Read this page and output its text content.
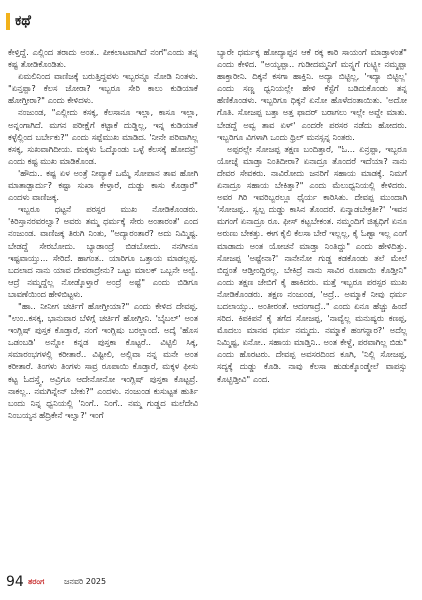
ಕಥೆ

ಕೇಳ್ತಿದ್ದೆ. ಎಲ್ಲಿಂದ ತರಾದು ಅಂತ.. ಪೀಕಲಾಟವಾಗಿದೆ ನಂಗೆ"ಎಂದು ತನ್ನ ಕಷ್ಟ ತೋಡಿಕೊಂಡಿತು.

ಏಮಲಿನಿಂದ ವಾಣಿಜಕ್ಕೆ ಬರುತ್ತಿದ್ದವಳು ಇಬ್ಬರನ್ನೂ ನೋಡಿ ನಿಂತಳು. "ಏನ್ತಪ್ಪಾ? ಕೆಲಸ ಜೋರಾ? ಇಬ್ಬರೂ ಸೇರಿ ಕಾಲು ಕುಡಿಯಾಕೆ ಹೋಗ್ತೀರಾ?" ಎಂದು ಕೇಳಿದಳು.

ನಂಜುಂಡ, "ಎಲ್ಲೀದು ಕಸಕ್ಕ, ಕೆಲಸಾನೂ ಇಲ್ಲಾ, ಕಾಸೂ ಇಲ್ಲಾ, ಅನ್ನಂಗಾಗಿದೆ. ಮಗನ ಪರೀಕ್ಷೆಗೆ ಕಟ್ಟಾಕೆ ದುಡ್ಡಿಲ್ಲ, ಇನ್ನ ಕುಡಿಯಾಕೆ ಕಳ್ಳೆಲ್ಲಿಂದ ಬರ್ಬೇಕು?" ಎಂದು ಸಪ್ಪೆಮುಖ ಮಾಡಿದ. 'ನೀನೇ ಪರಿವಾಗಿಲ್ಲ ಕಸಕ್ಕ, ಸುಖವಾಗಿದೀಯ. ಮಕ್ಕಳು ಓದ್ಕೊಂಡು ಒಳ್ಳೆ ಕೆಲಸಕ್ಕೆ ಹೋದವ್ರೆ' ಎಂದು ಕಷ್ಟ ಮುಖ ಮಾಡಿಕೊಂಡ.

'ಹೌದು.. ಕಷ್ಟ ಏಳ ಅಂತ್ರೆ ನೀವ್ಯಾಕೆ ಒಮ್ಮೆ ಸೋಪಾನ ತಾವ ಹೋಗಿ ಮಾತಾಡ್ಬಾರ್ದು? ಕಷ್ಟಾ ಸುಖಾ ಕೇಳ್ತಾರೆ, ದುಡ್ಡು ಕಾಸು ಕೊಡ್ತಾರೆ" ಎಂದಳು ವಾಣಿಜಕ್ಕ.

ಇಬ್ಬರೂ ಧಟ್ಟನೆ ಪರಸ್ಪರ ಮುಖ ನೋಡಿಕೊಂಡರು. 'ಕಿರಿಸ್ತಾನರವರಲ್ವಾ? ಅವರು ತಮ್ಮ ಧರ್ಮಕ್ಕೆ ಸೇರು ಅಂತಾರಂತೆ' ಎಂದ ನಂಜುಂಡ. ವಾಣಿಜಕ್ಕ ತಿರುಗಿ ನಿಂತು, "ಅದ್ಯಾರಂತಾರೆ? ಅದು ನಿಮ್ಮಿಷ್ಟ. ಬೇಡದ್ದೆ ಸೇರಬೋದು. ಬ್ಯಾಡಾಂದ್ರೆ ಬಿಡಬೋದು. ನನಗೀನೂ ಇಷ್ಟವಾಯ್ತು... ಸೇರಿದೆ. ಹಾಗಂತ.. ಯಾರಿಗೂ ಒತ್ತಾಯ ಮಾಡಲ್ಲಪ್ಪ. ಬದಲಾದ ನಾನು ಯಾವ ದೇವರಾದ್ರೇನು? ಒಟ್ಟು ಮಾಲಕ್ ಒಬ್ಬನೇ ಅಲ್ವೆ. ಆದ್ರೆ ನಮ್ಮದ್ದೆಲ್ಲ ನೋಡ್ಕೊಳ್ತಾರೆ ಅಂದ್ರೆ ಅಷ್ಟೆ" ಎಂದು ಬಿಡಿಗೂ ಬಾವಣೆಯಿಂದ ಹೇಳಿಬಿಟ್ಟಳು.

"ಹಾ.. ನೀನೀಗ ಚರ್ಚಿಗೆ ಹೋಗ್ತೀಯಾ?" ಎಂದು ಕೇಳಿದ ದೇವಪ್ಪ. "ಉಂ..ಕಸಕ್ಕ, ಭಾನುವಾರ ಬೆಳಿಗ್ಗೆ ಚರ್ಚಿಗೆ ಹೋಗ್ತೀನಿ. 'ಬೈಬಲ್' ಅಂತ ಇಂಗ್ಲಿಷ್ ಪುಸ್ತಕ ಕೊಡ್ತಾರೆ, ನಂಗೆ ಇಂಗ್ಲಿಷು ಬರಲ್ಲಾಂದೆ. ಅದ್ಕೆ 'ಹೊಸ ಒಡಂಬಡಿ' ಅನ್ನೋ ಕನ್ನಡ ಪುಸ್ತಕಾ ಕೊಟ್ಟರೆ.. ವಿಟ್ಟಿಲಿ ಸಿಕ್ಕ, ಸಮಾರಂಭಗಳಲ್ಲಿ ಕರೀತಾರೆ.. ವಿಷ್ಟೀಲಿ, ಅಲ್ಲಿವಾ ನನ್ನ ಮನೇ ಅಂತ ಕರೀತಾರೆ. ತಿಂಗಳು ತಿಂಗಳು ಸಾವ್ರ ರೂಪಾಯಿ ಕೊಡ್ತಾರೆ, ಮಕ್ಕಳ ಫೀಸು ಕಟ್ಟ ಓದಸ್ತ್ವೆ, ಅವ್ರಿಗೂ ಆದೇನೋನೋ ಇಂಗ್ಲಿಷ್ ಪುಸ್ತಕಾ ಕೊಟ್ಟವ್ರೆ. ನಾಕಲ್ಲ.. ನಮಗಿನ್ನೇನ್ ಬೇಕು?" ಎಂದಳು. ನಂಜುಂಡ ಕುಸುಟ್ಟತ ಹುರ್ತಿ ಬಂದು ನಿನ್ನ ಧ್ವನಿಯಲ್ಲಿ 'ನಿಂಗೆ.. ನಿಂಗೆ.. ನಮ್ಮ ಗುಡ್ಡದ ಮಲೆದೇವಿ ನಿಂಬಯ್ಯನ ಹೆದ್ರಿಕೇನೆ ಇಲ್ವಾ?' ಇಂಗೆ

ಬ್ಯಾರೇ ಧರ್ಮಕ್ಕ ಹೋದ್ಯಾಪ್ಪನ ಆಕೆ ರಕ್ಕ ಕಾರಿ ಸಾಯಂಗೆ ಮಾಡ್ತಾಳಂತೆ" ಎಂದು ಕೇಳಿದ. "ಅಯ್ಯಪ್ಪಾ.. ಗುಡೀದಮ್ಮನಿಗೆ ಮನ್ಸ್ನಗೆ ಗುಟ್ಟ್ಬೀ ನಮ್ಮಪ್ಪಾ ಹಾಕ್ತಾರೀನಿ. ದಿಕ್ಕನೆ ಕಸಗಾ ಹಾಕ್ತಿನಿ. ಅದ್ಯಾ ಬಿಟ್ಟಿಲ್ಲ, 'ಇದ್ಯಾ ಬಿಟ್ಟಿಲ್ಲ' ಎಂದು ಸಣ್ಣ ಧ್ವನಿಯಲ್ಲೇ ಹೇಳಿ ಕೆಸ್ಟೆಗೆ ಬಡಿದುಕೊಂಡು ತನ್ನ ಹೆಣಿಕೊಂಡಳು. ಇಬ್ಬರಿಗೂ ಧಿಕ್ಕನೆ ಏನೋ ಹೊಳೆದಂತಾಯಿತು. 'ಅದೋ ಗೊತಿ. ಸೋಜಪ್ಪ ಬತ್ತಾ ಅತ್ತ ಫಾದರ್ ಬರಾಗಲು ಇಲ್ಲೇ ಅವ್ದೇ ಮಾತು. ಬೇಡದ್ದೆ ಅವ್ವ ತಾವ ಏಳ್' ಎಂದರೇ ಪರಸರ ನಡೆದು ಹೋದರು. ಇಬ್ಬರಿಗೂ ವಿಗಳಾಗಿ ಒಂದು ಥ್ರಿಲ್ ಮನಸ್ಸನ್ನ ನಿಂತರು.

ಅಪ್ಪರಲ್ಲೇ ಸೋಜಪ್ಪ ತಕ್ಷಣ ಬಂದಿತ್ತಾರೆ, "ಓ... ಏನ್ರಪ್ಪಾ, ಇಬ್ಬರೂ ಯೋಚ್ನೆ ಮಾಡ್ತಾ ನಿಂತಿದೀರಾ? ಏನಾದ್ರೂ ತೊಂದರೆ ಇದೆಯಾ? ನಾನು ದೇವರ ಸೇವಕರು. ನಾವಿರೋದು ಜನರಿಗೆ ಸಹಾಯ ಮಾಡಕ್ಕೆ. ನಿಮಗೆ ಏನಾದ್ರೂ ಸಹಾಯ ಬೇಕಿತ್ತಾ?" ಎಂದು ಮೆಲುಧ್ವನಿಯಲ್ಲಿ ಕೇಳಿದರು. ಅವರ ಗಿರಿ ಇವರಿಬ್ಬರಲ್ಲೂ ಧೈರ್ಯ ಕಾರಿಸಿತು. ದೇವಪ್ಪ ಮುಂದಾಗಿ 'ಸೋಜಪ್ಪ.. ಸ್ವಲ್ಪ ದುಡ್ಡು ಕಾಸಿನ ತೊಂದರೆ. ಏನ್ಮಾಡಬೇಕ್ರತೀ?' 'ಇವನ ಮಗಂಗೆ ಏನಾದ್ರೂ ರೂ. ಫೀಸ್ ಕಟ್ಬಬೇಕಂತ. ನಮ್ಮಂದಿಗೆ ಜಿತ್ವಧಿಗೆ ಏನೂ ಅರುಣು ಬೇಕತ್ತು. ಈಗ ಕೈಲಿ ಕೆಲಸಾ ಬೇರೆ ಇಲ್ಲಲ್ಲ, ಕೈ ಓಣ್ಟಾ ಇಲ್ಲ ಎಂಗೆ ಮಾಡಾದು ಅಂತ ಯೋಚನೆ ಮಾಡ್ತಾ ನಿಂತಿದ್ದು" ಎಂದು ಹೇಳಿದಿತ್ತು. ಸೋಜಪ್ಪ 'ಅಷ್ಟೇನಾ?' ನಾನೇನೋ ಗುಡ್ಡ ಕಡಕೊಂಡು ತಲೆ ಮೇಲೆ ಬಿದ್ದಂತೆ ಆಡ್ತೀಂದ್ದಿರಲ್ಲ. ಬೇಕಿದ್ರೆ ನಾನು ಸಾವಿರ ರೂಪಾಯಿ ಕೊಡ್ತೀನಿ" ಎಂದು ತಕ್ಷಣ ಜೇಬಿಗೆ ಕೈ ಹಾಕಿದರು. ಮತ್ತೆ ಇಬ್ಬರೂ ಪರಸ್ಪರ ಮುಖ ನೋಡಿಕೊಂಡರು. ತಕ್ಷಣ ನಂಜುಂಡ, 'ಅದ್ರೆ.. ಅಮ್ಮಾಕೆ ನೀವು ಧರ್ಮ ಬದಲಾಯ್ಸು.. ಅಂತೀರಂತೆ. ಆದಂಗಾದ್ರೆ.." ಎಂದು ಏನೂ ಹೆಚ್ಚು ಹಿಂದೆ ಸರಿದ. ಕಿಪಕಿಪನೆ ಕೈ ತಗೆದ ಸೋಜಪ್ಪ, 'ನಾವ್ಯೆಲ್ಲ ಮನುಷ್ಯರು ಕಣಪ್ಪ, ಮೊದಲು ಮಾನವ ಧರ್ಮ ನಮ್ಮದು. ನಮ್ಮಾಕೆ ಹಂಗನ್ನಾರ?' ಅದೆಲ್ಲ ನಿಮ್ಮಿಷ್ಟ, ಏನೋ.. ಸಹಾಯ ಮಾಡ್ತಿನಿ.. ಅಂತ ಕೇಳ್ದೆ, ಪರವಾಗಿಲ್ಲ ಬಿಡು" ಎಂದು ಹೊರಟರು. ದೇವಪ್ಪ ಅವಸರದಿಂದ ಕೂಗಿ, 'ನಿಲ್ಲಿ ಸೋಜಪ್ಪ, ಸದ್ಯಕ್ಕೆ ದುಡ್ಡು ಕೊಡಿ. ನಾವು ಕೆಲಸಾ ಹುಡುಕ್ಕೊಂಡ್ಮೇಲೆ ವಾಪಸ್ಸು ಕೊಟ್ಬಿಡ್ತೀವಿ" ಎಂದ.

94 ತರಂಗ ಜನವರಿ 2025
